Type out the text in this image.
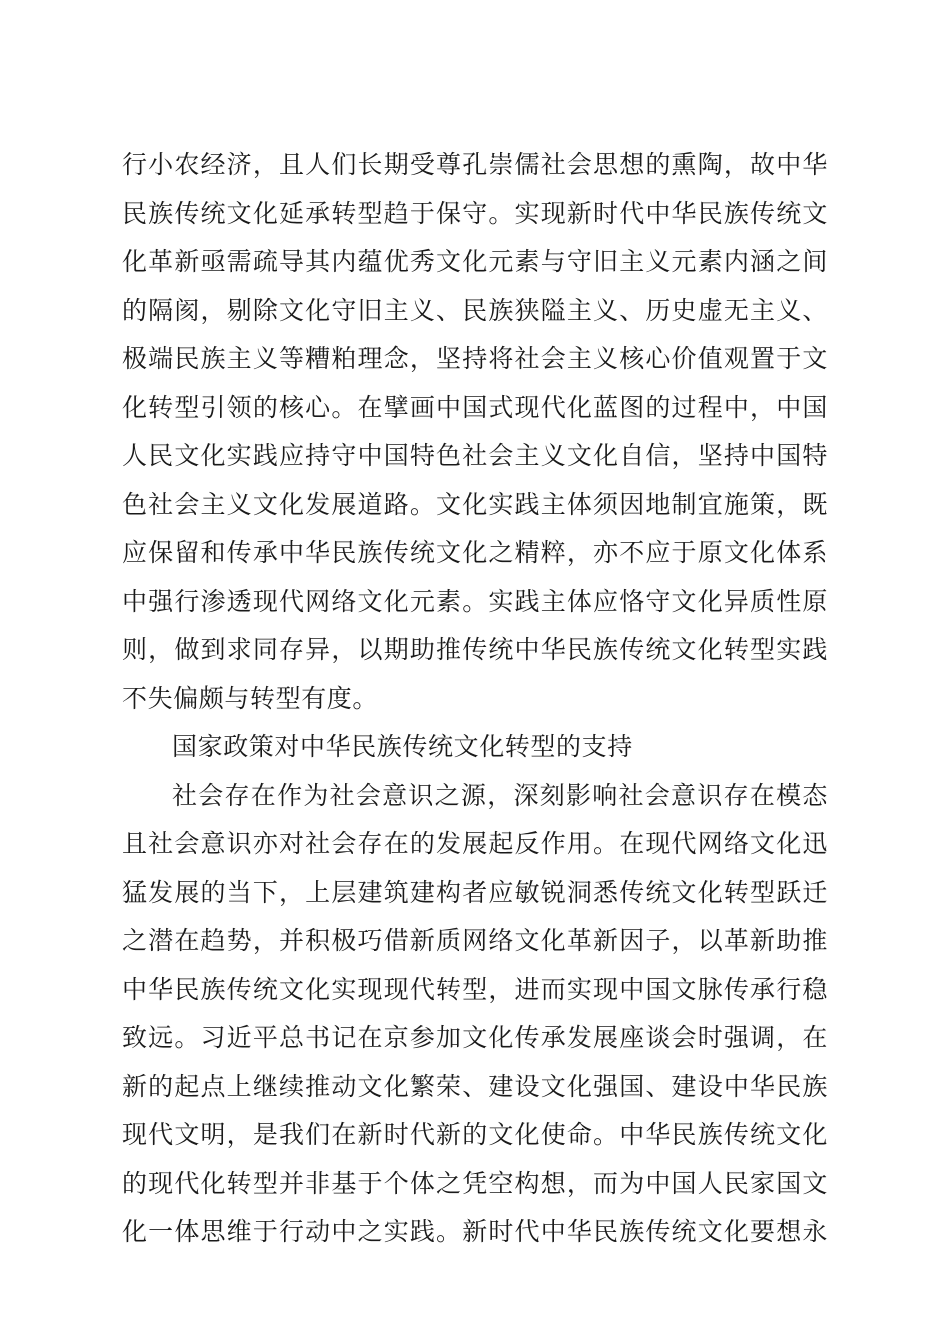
行小农经济，且人们长期受尊孔崇儒社会思想的熏陶，故中华
民族传统文化延承转型趋于保守。实现新时代中华民族传统文
化革新亟需疏导其内蕴优秀文化元素与守旧主义元素内涵之间
的隔阂，剔除文化守旧主义、民族狭隘主义、历史虚无主义、
极端民族主义等糟粕理念，坚持将社会主义核心价值观置于文
化转型引领的核心。在擘画中国式现代化蓝图的过程中，中国
人民文化实践应持守中国特色社会主义文化自信，坚持中国特
色社会主义文化发展道路。文化实践主体须因地制宜施策，既
应保留和传承中华民族传统文化之精粹，亦不应于原文化体系
中强行渗透现代网络文化元素。实践主体应恪守文化异质性原
则，做到求同存异，以期助推传统中华民族传统文化转型实践
不失偏颇与转型有度。
国家政策对中华民族传统文化转型的支持
社会存在作为社会意识之源，深刻影响社会意识存在模态
且社会意识亦对社会存在的发展起反作用。在现代网络文化迅
猛发展的当下，上层建筑建构者应敏锐洞悉传统文化转型跃迁
之潜在趋势，并积极巧借新质网络文化革新因子，以革新助推
中华民族传统文化实现现代转型，进而实现中国文脉传承行稳
致远。习近平总书记在京参加文化传承发展座谈会时强调，在
新的起点上继续推动文化繁荣、建设文化强国、建设中华民族
现代文明，是我们在新时代新的文化使命。中华民族传统文化
的现代化转型并非基于个体之凭空构想，而为中国人民家国文
化一体思维于行动中之实践。新时代中华民族传统文化要想永
